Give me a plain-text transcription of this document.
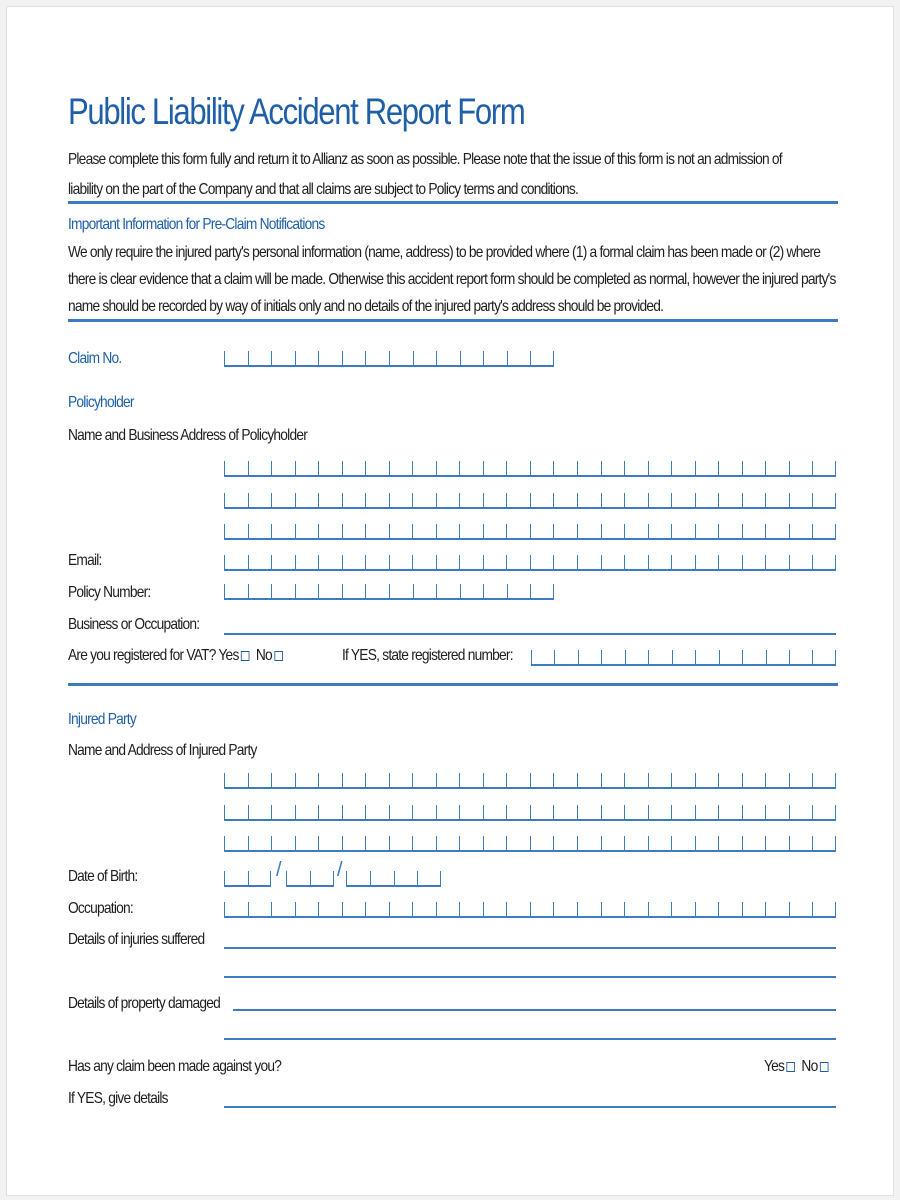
Public Liability Accident Report Form
Please complete this form fully and return it to Allianz as soon as possible. Please note that the issue of this form is not an admission of
liability on the part of the Company and that all claims are subject to Policy terms and conditions.
Important Information for Pre-Claim Notifications
We only require the injured party's personal information (name, address) to be provided where (1) a formal claim has been made or (2) where
there is clear evidence that a claim will be made. Otherwise this accident report form should be completed as normal, however the injured party's
name should be recorded by way of initials only and no details of the injured party's address should be provided.
Claim No.
Policyholder
Name and Business Address of Policyholder
Email:
Policy Number:
Business or Occupation:
Are you registered for VAT? Yes No	If YES, state registered number:
Injured Party
Name and Address of Injured Party
Date of Birth:	/	/
Occupation:
Details of injuries suffered
Details of property damaged
Has any claim been made against you?	Yes No
If YES, give details
